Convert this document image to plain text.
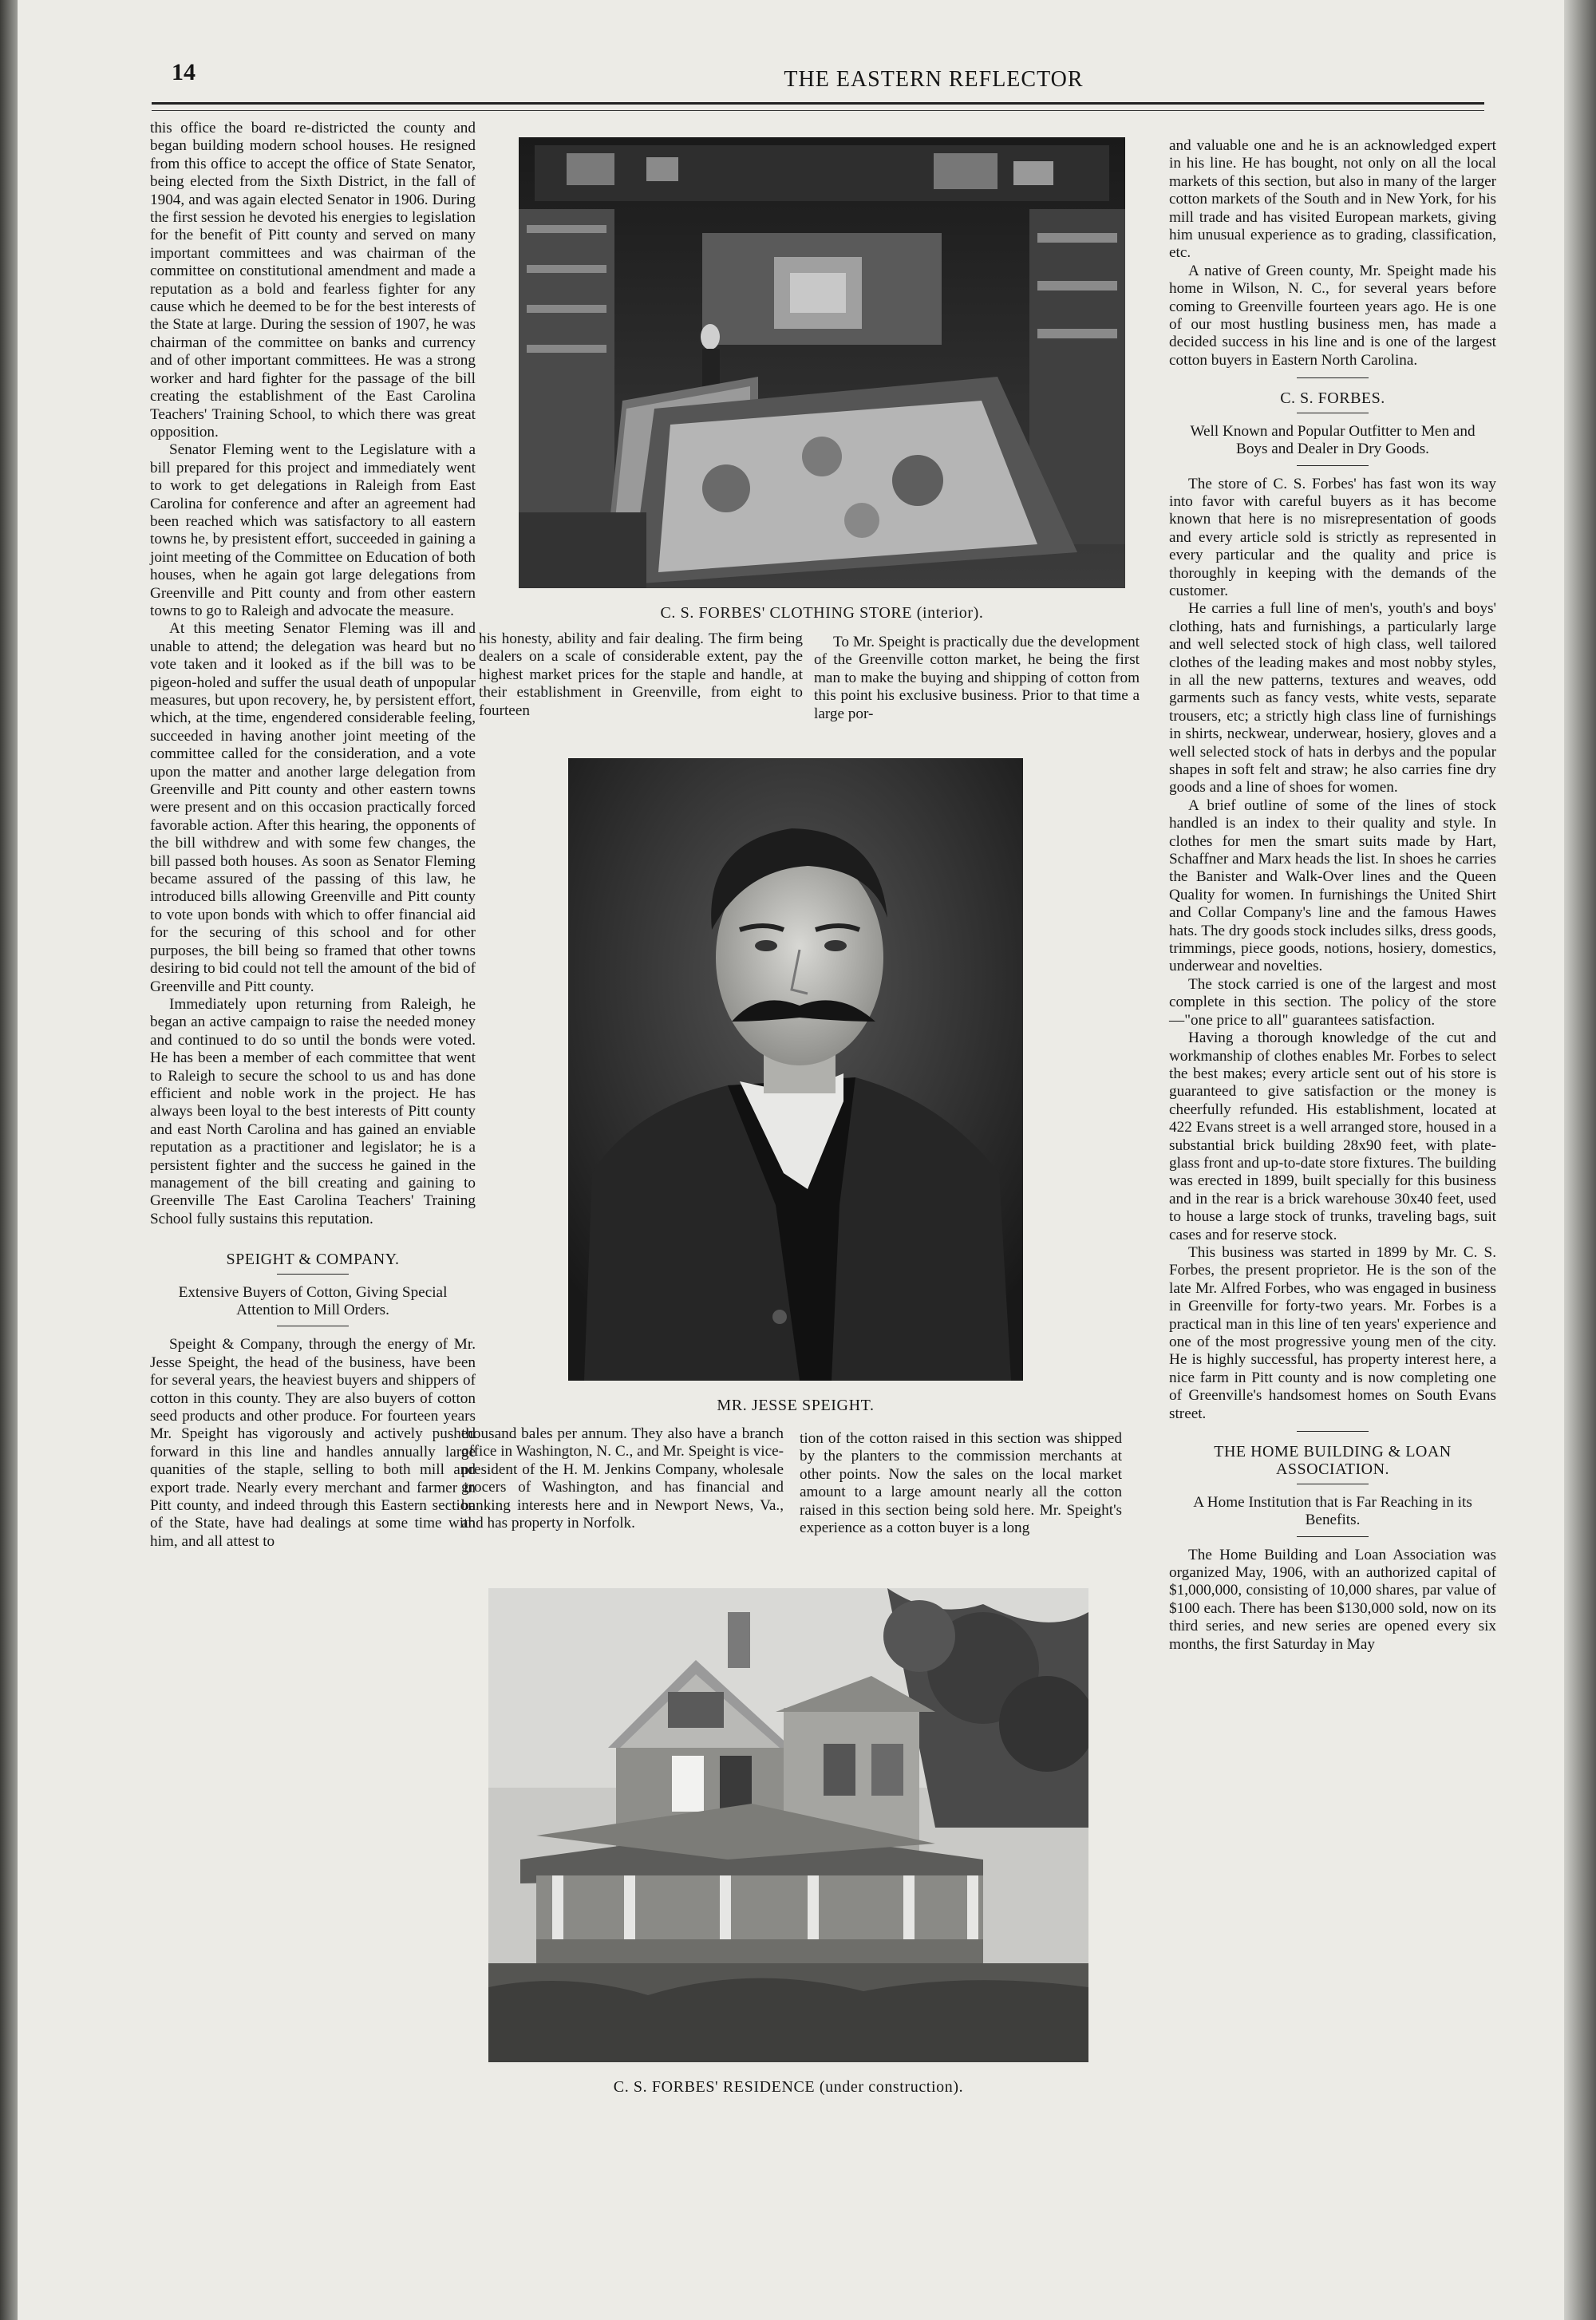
14	THE EASTERN REFLECTOR

this office the board re-districted the county and began building modern school houses. He resigned from this office to accept the office of State Senator, being elected from the Sixth District, in the fall of 1904, and was again elected Senator in 1906. During the first session he devoted his energies to legislation for the benefit of Pitt county and served on many important committees and was chairman of the committee on constitutional amendment and made a reputation as a bold and fearless fighter for any cause which he deemed to be for the best interests of the State at large. During the session of 1907, he was chairman of the committee on banks and currency and of other important committees. He was a strong worker and hard fighter for the passage of the bill creating the establishment of the East Carolina Teachers' Training School, to which there was great opposition.

Senator Fleming went to the Legislature with a bill prepared for this project and immediately went to work to get delegations in Raleigh from East Carolina for conference and after an agreement had been reached which was satisfactory to all eastern towns he, by presistent effort, succeeded in gaining a joint meeting of the Committee on Education of both houses, when he again got large delegations from Greenville and Pitt county and from other eastern towns to go to Raleigh and advocate the measure.

At this meeting Senator Fleming was ill and unable to attend; the delegation was heard but no vote taken and it looked as if the bill was to be pigeon-holed and suffer the usual death of unpopular measures, but upon recovery, he, by persistent effort, which, at the time, engendered considerable feeling, succeeded in having another joint meeting of the committee called for the consideration, and a vote upon the matter and another large delegation from Greenville and Pitt county and other eastern towns were present and on this occasion practically forced favorable action. After this hearing, the opponents of the bill withdrew and with some few changes, the bill passed both houses. As soon as Senator Fleming became assured of the passing of this law, he introduced bills allowing Greenville and Pitt county to vote upon bonds with which to offer financial aid for the securing of this school and for other purposes, the bill being so framed that other towns desiring to bid could not tell the amount of the bid of Greenville and Pitt county.

Immediately upon returning from Raleigh, he began an active campaign to raise the needed money and continued to do so until the bonds were voted. He has been a member of each committee that went to Raleigh to secure the school to us and has done efficient and noble work in the project. He has always been loyal to the best interests of Pitt county and east North Carolina and has gained an enviable reputation as a practitioner and legislator; he is a persistent fighter and the success he gained in the management of the bill creating and gaining to Greenville The East Carolina Teachers' Training School fully sustains this reputation.

SPEIGHT & COMPANY.

Extensive Buyers of Cotton, Giving Special Attention to Mill Orders.

Speight & Company, through the energy of Mr. Jesse Speight, the head of the business, have been for several years, the heaviest buyers and shippers of cotton in this county. They are also buyers of cotton seed products and other produce. For fourteen years Mr. Speight has vigorously and actively pushed forward in this line and handles annually large quanities of the staple, selling to both mill and export trade. Nearly every merchant and farmer in Pitt county, and indeed through this Eastern section of the State, have had dealings at some time with him, and all attest to

C. S. FORBES' CLOTHING STORE (interior).

his honesty, ability and fair dealing. The firm being dealers on a scale of considerable extent, pay the highest market prices for the staple and handle, at their establishment in Greenville, from eight to fourteen

To Mr. Speight is practically due the development of the Greenville cotton market, he being the first man to make the buying and shipping of cotton from this point his exclusive business. Prior to that time a large por-

MR. JESSE SPEIGHT.

thousand bales per annum. They also have a branch office in Washington, N. C., and Mr. Speight is vice-president of the H. M. Jenkins Company, wholesale grocers of Washington, and has financial and banking interests here and in Newport News, Va., and has property in Norfolk.

tion of the cotton raised in this section was shipped by the planters to the commission merchants at other points. Now the sales on the local market amount to a large amount nearly all the cotton raised in this section being sold here. Mr. Speight's experience as a cotton buyer is a long

C. S. FORBES' RESIDENCE (under construction).

and valuable one and he is an acknowledged expert in his line. He has bought, not only on all the local markets of this section, but also in many of the larger cotton markets of the South and in New York, for his mill trade and has visited European markets, giving him unusual experience as to grading, classification, etc.

A native of Green county, Mr. Speight made his home in Wilson, N. C., for several years before coming to Greenville fourteen years ago. He is one of our most hustling business men, has made a decided success in his line and is one of the largest cotton buyers in Eastern North Carolina.

C. S. FORBES.

Well Known and Popular Outfitter to Men and Boys and Dealer in Dry Goods.

The store of C. S. Forbes' has fast won its way into favor with careful buyers as it has become known that here is no misrepresentation of goods and every article sold is strictly as represented in every particular and the quality and price is thoroughly in keeping with the demands of the customer.

He carries a full line of men's, youth's and boys' clothing, hats and furnishings, a particularly large and well selected stock of high class, well tailored clothes of the leading makes and most nobby styles, in all the new patterns, textures and weaves, odd garments such as fancy vests, white vests, separate trousers, etc; a strictly high class line of furnishings in shirts, neckwear, underwear, hosiery, gloves and a well selected stock of hats in derbys and the popular shapes in soft felt and straw; he also carries fine dry goods and a line of shoes for women.

A brief outline of some of the lines of stock handled is an index to their quality and style. In clothes for men the smart suits made by Hart, Schaffner and Marx heads the list. In shoes he carries the Banister and Walk-Over lines and the Queen Quality for women. In furnishings the United Shirt and Collar Company's line and the famous Hawes hats. The dry goods stock includes silks, dress goods, trimmings, piece goods, notions, hosiery, domestics, underwear and novelties.

The stock carried is one of the largest and most complete in this section. The policy of the store—"one price to all" guarantees satisfaction.

Having a thorough knowledge of the cut and workmanship of clothes enables Mr. Forbes to select the best makes; every article sent out of his store is guaranteed to give satisfaction or the money is cheerfully refunded. His establishment, located at 422 Evans street is a well arranged store, housed in a substantial brick building 28x90 feet, with plate-glass front and up-to-date store fixtures. The building was erected in 1899, built specially for this business and in the rear is a brick warehouse 30x40 feet, used to house a large stock of trunks, traveling bags, suit cases and for reserve stock.

This business was started in 1899 by Mr. C. S. Forbes, the present proprietor. He is the son of the late Mr. Alfred Forbes, who was engaged in business in Greenville for forty-two years. Mr. Forbes is a practical man in this line of ten years' experience and one of the most progressive young men of the city. He is highly successful, has property interest here, a nice farm in Pitt county and is now completing one of Greenville's handsomest homes on South Evans street.

THE HOME BUILDING & LOAN ASSOCIATION.

A Home Institution that is Far Reaching in its Benefits.

The Home Building and Loan Association was organized May, 1906, with an authorized capital of $1,000,000, consisting of 10,000 shares, par value of $100 each. There has been $130,000 sold, now on its third series, and new series are opened every six months, the first Saturday in May
